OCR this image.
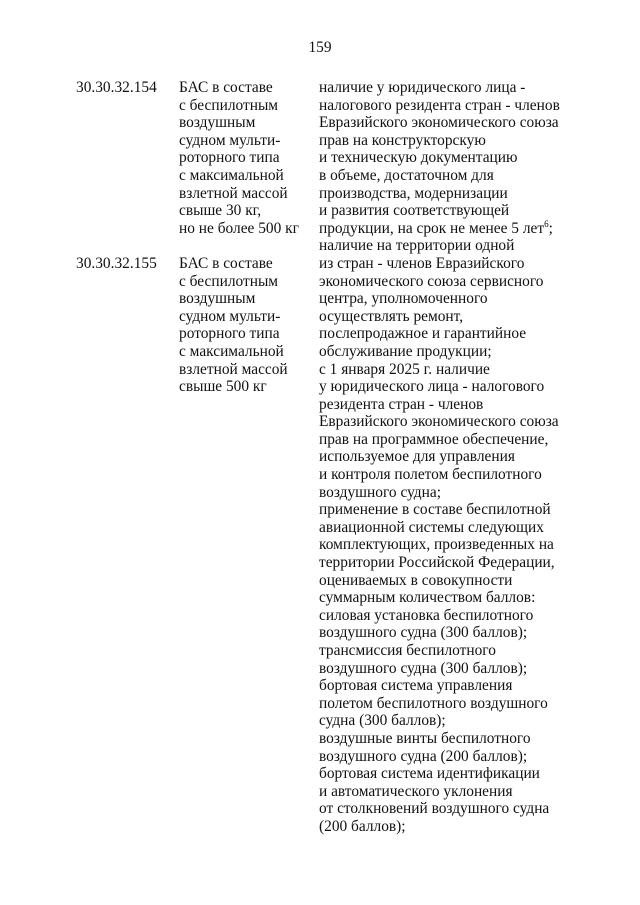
159
30.30.32.154 БАС в составе
с беспилотным
воздушным
судном мульти-
роторного типа
с максимальной
взлетной массой
свыше 30 кг,
но не более 500 кг
30.30.32.155 БАС в составе
с беспилотным
воздушным
судном мульти-
роторного типа
с максимальной
взлетной массой
свыше 500 кг
наличие у юридического лица -
налогового резидента стран - членов
Евразийского экономического союза
прав на конструкторскую
и техническую документацию
в объеме, достаточном для
производства, модернизации
и развития соответствующей
продукции, на срок не менее 5 лет$^6$;
наличие на территории одной
из стран - членов Евразийского
экономического союза сервисного
центра, уполномоченного
осуществлять ремонт,
послепродажное и гарантийное
обслуживание продукции;
с 1 января 2025 г. наличие
у юридического лица - налогового
резидента стран - членов
Евразийского экономического союза
прав на программное обеспечение,
используемое для управления
и контроля полетом беспилотного
воздушного судна;
применение в составе беспилотной
авиационной системы следующих
комплектующих, произведенных на
территории Российской Федерации,
оцениваемых в совокупности
суммарным количеством баллов:
силовая установка беспилотного
воздушного судна (300 баллов);
трансмиссия беспилотного
воздушного судна (300 баллов);
бортовая система управления
полетом беспилотного воздушного
судна (300 баллов);
воздушные винты беспилотного
воздушного судна (200 баллов);
бортовая система идентификации
и автоматического уклонения
от столкновений воздушного судна
(200 баллов);
